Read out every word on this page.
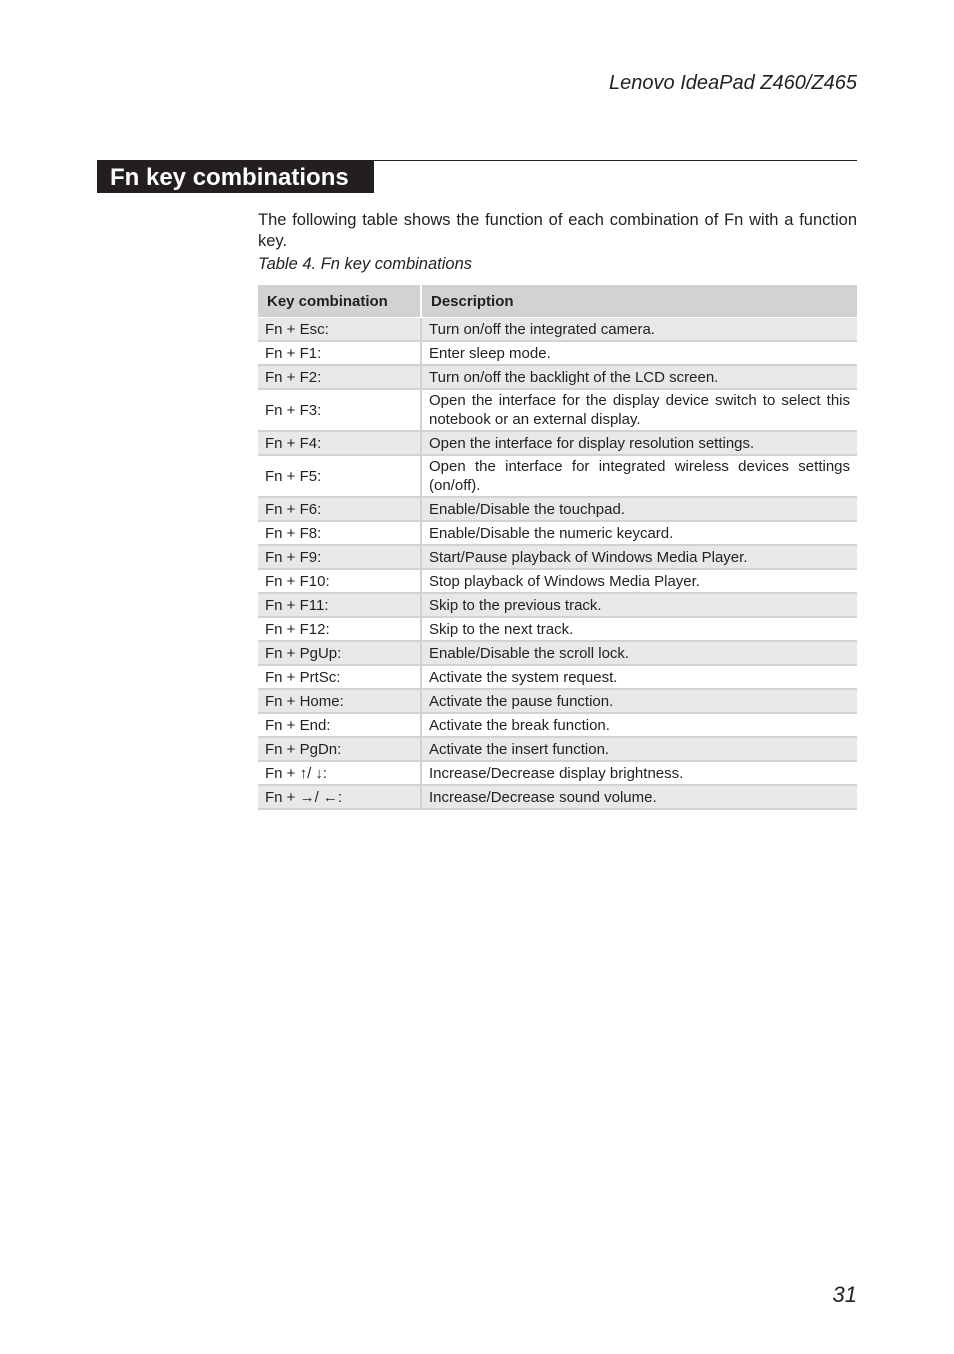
Lenovo IdeaPad Z460/Z465
Fn key combinations
The following table shows the function of each combination of Fn with a function key.
Table 4. Fn key combinations
Key combination	Description
Fn + Esc:	Turn on/off the integrated camera.
Fn + F1:	Enter sleep mode.
Fn + F2:	Turn on/off the backlight of the LCD screen.
Fn + F3:	Open the interface for the display device switch to select this notebook or an external display.
Fn + F4:	Open the interface for display resolution settings.
Fn + F5:	Open the interface for integrated wireless devices settings (on/off).
Fn + F6:	Enable/Disable the touchpad.
Fn + F8:	Enable/Disable the numeric keycard.
Fn + F9:	Start/Pause playback of Windows Media Player.
Fn + F10:	Stop playback of Windows Media Player.
Fn + F11:	Skip to the previous track.
Fn + F12:	Skip to the next track.
Fn + PgUp:	Enable/Disable the scroll lock.
Fn + PrtSc:	Activate the system request.
Fn + Home:	Activate the pause function.
Fn + End:	Activate the break function.
Fn + PgDn:	Activate the insert function.
Fn + ↑/ ↓:	Increase/Decrease display brightness.
Fn + →/ ←:	Increase/Decrease sound volume.
31
